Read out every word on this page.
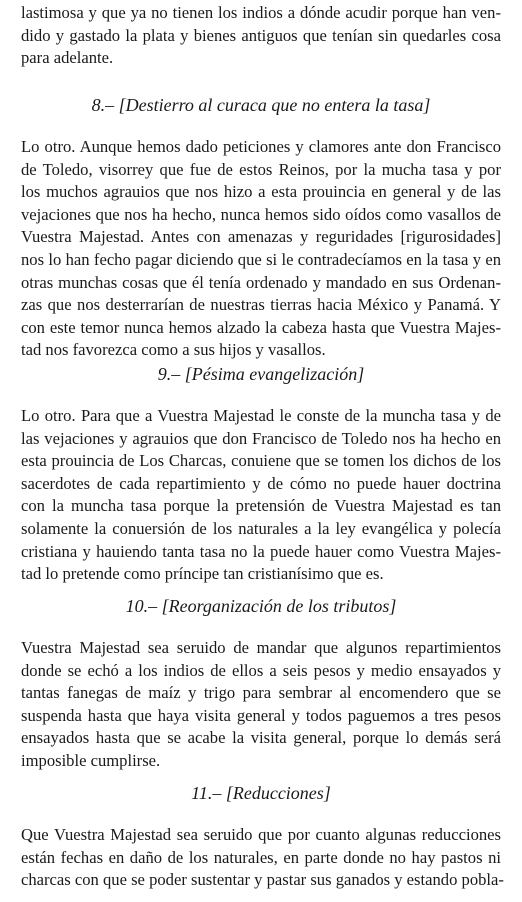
lastimosa y que ya no tienen los indios a dónde acudir porque han ven-
dido y gastado la plata y bienes antiguos que tenían sin quedarles cosa
para adelante.

8.– [Destierro al curaca que no entera la tasa]

Lo otro. Aunque hemos dado peticiones y clamores ante don Francisco
de Toledo, visorrey que fue de estos Reinos, por la mucha tasa y por
los muchos agrauios que nos hizo a esta prouincia en general y de las
vejaciones que nos ha hecho, nunca hemos sido oídos como vasallos de
Vuestra Majestad. Antes con amenazas y reguridades [rigurosidades]
nos lo han fecho pagar diciendo que si le contradecíamos en la tasa y en
otras munchas cosas que él tenía ordenado y mandado en sus Ordenan-
zas que nos desterrarían de nuestras tierras hacia México y Panamá. Y
con este temor nunca hemos alzado la cabeza hasta que Vuestra Majes-
tad nos favorezca como a sus hijos y vasallos.

9.– [Pésima evangelización]

Lo otro. Para que a Vuestra Majestad le conste de la muncha tasa y de
las vejaciones y agrauios que don Francisco de Toledo nos ha hecho en
esta prouincia de Los Charcas, conuiene que se tomen los dichos de los
sacerdotes de cada repartimiento y de cómo no puede hauer doctrina
con la muncha tasa porque la pretensión de Vuestra Majestad es tan
solamente la conuersión de los naturales a la ley evangélica y polecía
cristiana y hauiendo tanta tasa no la puede hauer como Vuestra Majes-
tad lo pretende como príncipe tan cristianísimo que es.

10.– [Reorganización de los tributos]

Vuestra Majestad sea seruido de mandar que algunos repartimientos
donde se echó a los indios de ellos a seis pesos y medio ensayados y
tantas fanegas de maíz y trigo para sembrar al encomendero que se
suspenda hasta que haya visita general y todos paguemos a tres pesos
ensayados hasta que se acabe la visita general, porque lo demás será
imposible cumplirse.

11.– [Reducciones]

Que Vuestra Majestad sea seruido que por cuanto algunas reducciones
están fechas en daño de los naturales, en parte donde no hay pastos ni
charcas con que se poder sustentar y pastar sus ganados y estando pobla-
